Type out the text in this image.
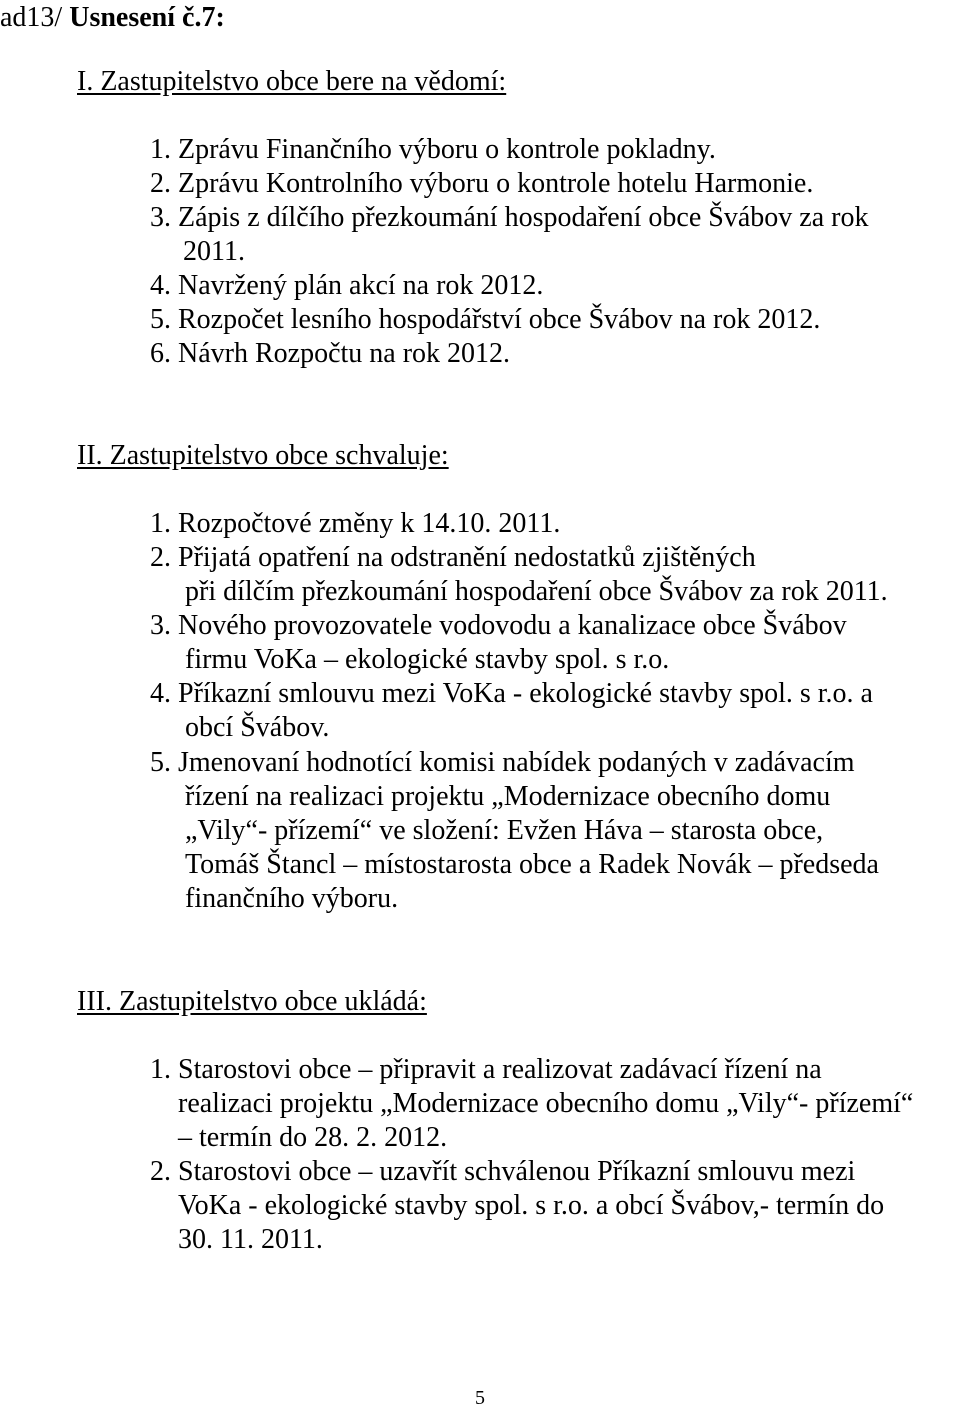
ad13/ Usnesení č.7:
I. Zastupitelstvo obce bere na vědomí:
1. Zprávu Finančního výboru o kontrole pokladny.
2. Zprávu Kontrolního výboru o kontrole hotelu Harmonie.
3. Zápis z dílčího přezkoumání hospodaření obce Švábov za rok
2011.
4. Navržený plán akcí na rok 2012.
5. Rozpočet lesního hospodářství obce Švábov na rok 2012.
6. Návrh Rozpočtu na rok 2012.
II. Zastupitelstvo obce schvaluje:
1. Rozpočtové změny k 14.10. 2011.
2. Přijatá opatření na odstranění nedostatků zjištěných
při dílčím přezkoumání hospodaření obce Švábov za rok 2011.
3. Nového provozovatele vodovodu a kanalizace obce Švábov
firmu VoKa – ekologické stavby spol. s r.o.
4. Příkazní smlouvu mezi VoKa - ekologické stavby spol. s r.o. a
obcí Švábov.
5. Jmenovaní hodnotící komisi nabídek podaných v zadávacím
řízení na realizaci projektu „Modernizace obecního domu
„Vily“- přízemí“ ve složení: Evžen Háva – starosta obce,
Tomáš Štancl – místostarosta obce a Radek Novák – předseda
finančního výboru.
III. Zastupitelstvo obce ukládá:
1. Starostovi obce – připravit a realizovat zadávací řízení na
realizaci projektu „Modernizace obecního domu „Vily“- přízemí“
– termín do 28. 2. 2012.
2. Starostovi obce – uzavřít schválenou Příkazní smlouvu mezi
VoKa - ekologické stavby spol. s r.o. a obcí Švábov,- termín do
30. 11. 2011.
5
